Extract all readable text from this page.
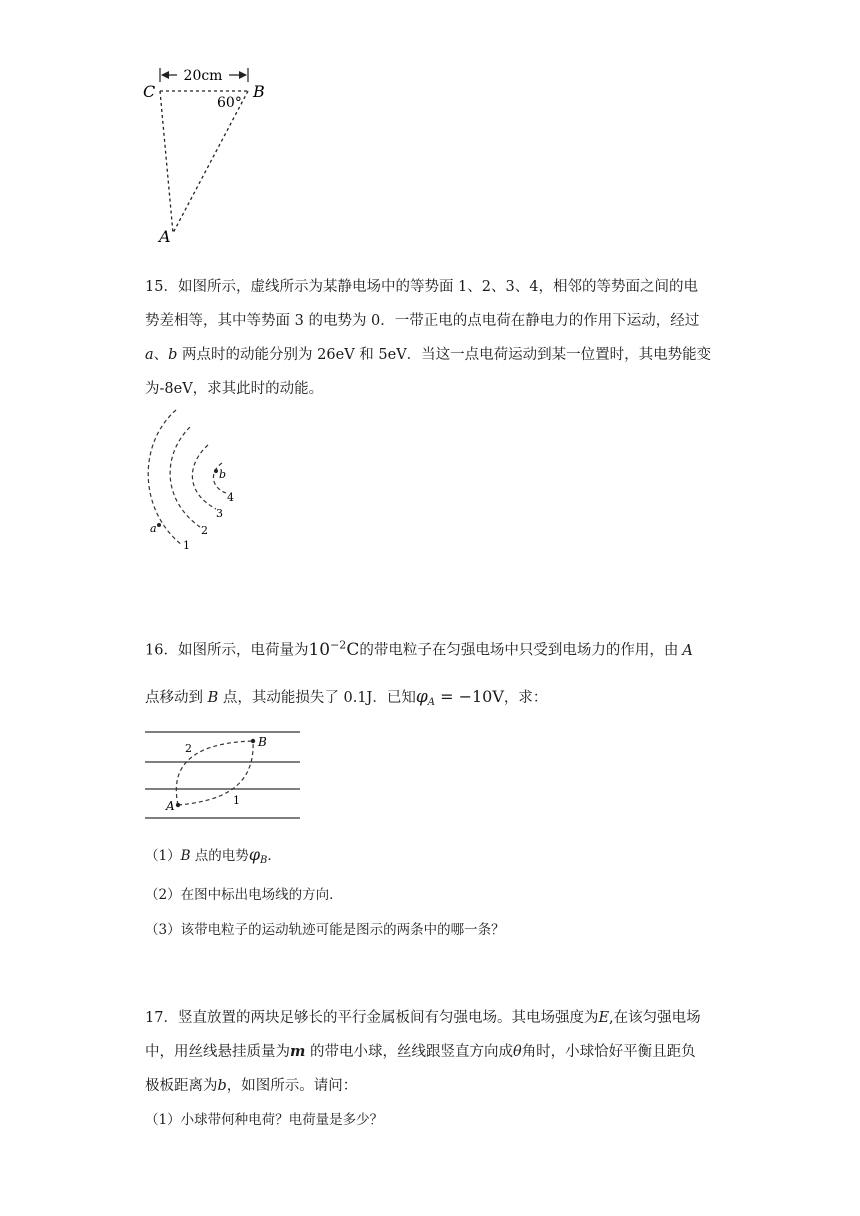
20cm
C	B
60°
A

15．如图所示，虚线所示为某静电场中的等势面 1、2、3、4，相邻的等势面之间的电

势差相等，其中等势面 3 的电势为 0．一带正电的点电荷在静电力的作用下运动，经过

a、b 两点时的动能分别为 26eV 和 5eV．当这一点电荷运动到某一位置时，其电势能变

为-8eV，求其此时的动能。

a
b
1
2
3
4
16．如图所示，电荷量为$10^{-2}C$的带电粒子在匀强电场中只受到电场力的作用，由 A
点移动到 B 点，其动能损失了 0.1J．已知$\varphi_A = -10V$，求：
A
B
1
2
（1）B 点的电势$\varphi_B$．
（2）在图中标出电场线的方向．
（3）该带电粒子的运动轨迹可能是图示的两条中的哪一条？

17．竖直放置的两块足够长的平行金属板间有匀强电场。其电场强度为E,在该匀强电场

中，用丝线悬挂质量为m 的带电小球，丝线跟竖直方向成θ角时，小球恰好平衡且距负

极板距离为b，如图所示。请问：

（1）小球带何种电荷？电荷量是多少？
